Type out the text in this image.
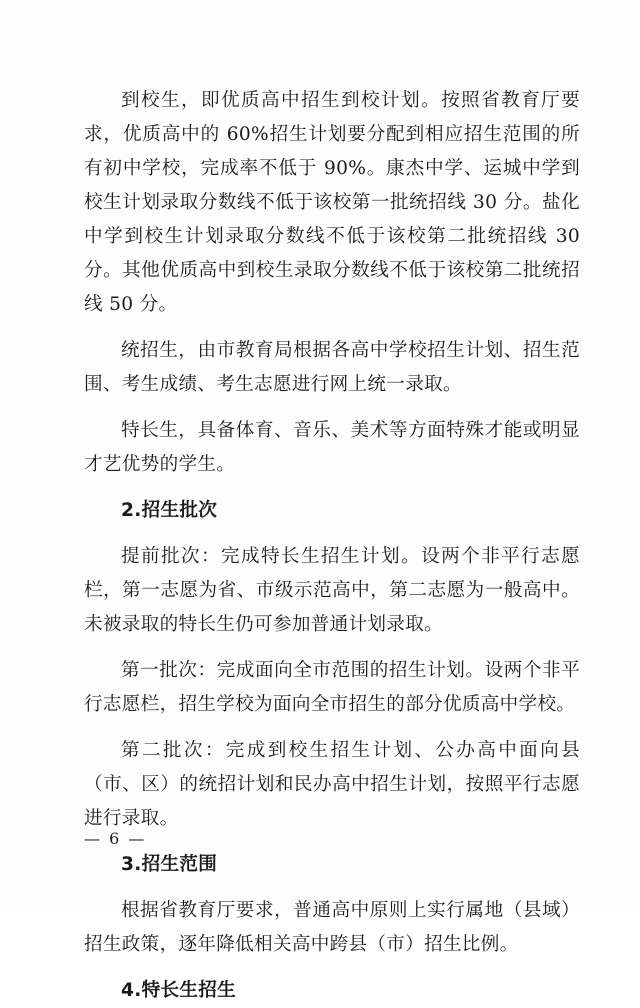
到校生，即优质高中招生到校计划。按照省教育厅要求，优质高中的 60%招生计划要分配到相应招生范围的所有初中学校，完成率不低于 90%。康杰中学、运城中学到校生计划录取分数线不低于该校第一批统招线 30 分。盐化中学到校生计划录取分数线不低于该校第二批统招线 30 分。其他优质高中到校生录取分数线不低于该校第二批统招线 50 分。

统招生，由市教育局根据各高中学校招生计划、招生范围、考生成绩、考生志愿进行网上统一录取。

特长生，具备体育、音乐、美术等方面特殊才能或明显才艺优势的学生。

2.招生批次

提前批次：完成特长生招生计划。设两个非平行志愿栏，第一志愿为省、市级示范高中，第二志愿为一般高中。未被录取的特长生仍可参加普通计划录取。

第一批次：完成面向全市范围的招生计划。设两个非平行志愿栏，招生学校为面向全市招生的部分优质高中学校。

第二批次：完成到校生招生计划、公办高中面向县（市、区）的统招计划和民办高中招生计划，按照平行志愿进行录取。

3.招生范围

根据省教育厅要求，普通高中原则上实行属地（县域）招生政策，逐年降低相关高中跨县（市）招生比例。

4.特长生招生

— 6 —
